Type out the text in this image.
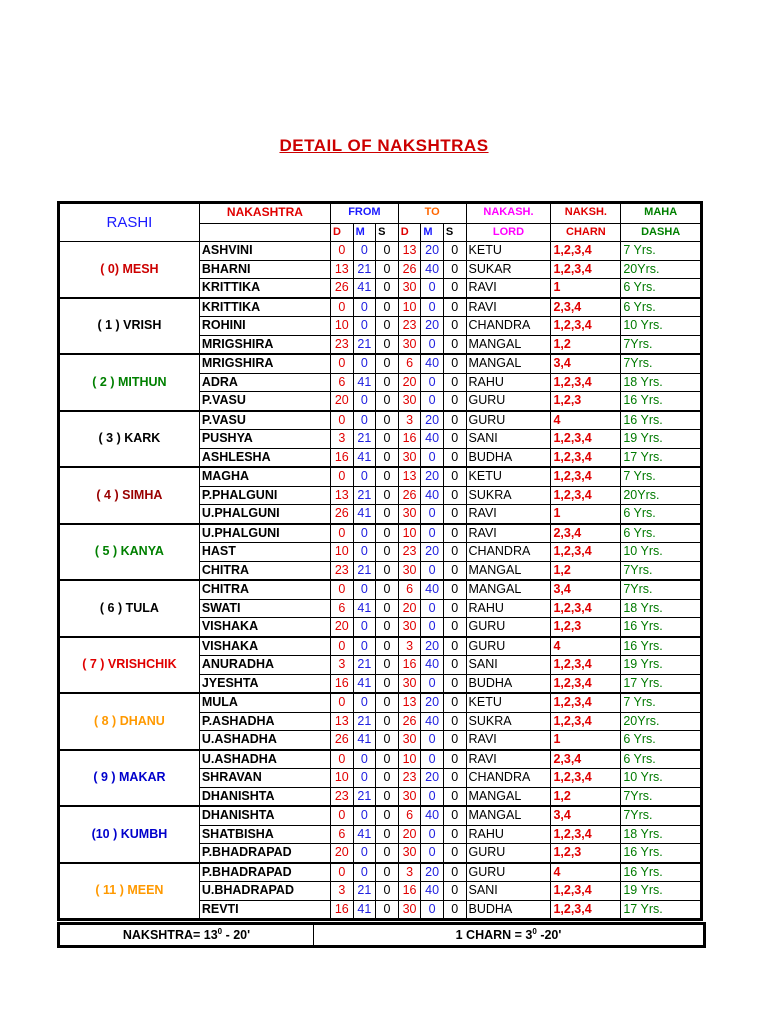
DETAIL OF NAKSHTRAS
RASHI	NAKASHTRA	FROM			TO			NAKASH.	NAKSH.	MAHA
		D	M	S	D	M	S	LORD	CHARN	DASHA
( 0) MESH	ASHVINI	0	0	0	13	20	0	KETU	1,2,3,4	7 Yrs.
	BHARNI	13	21	0	26	40	0	SUKAR	1,2,3,4	20Yrs.
	KRITTIKA	26	41	0	30	0	0	RAVI	1	6 Yrs.
( 1 ) VRISH	KRITTIKA	0	0	0	10	0	0	RAVI	2,3,4	6 Yrs.
	ROHINI	10	0	0	23	20	0	CHANDRA	1,2,3,4	10 Yrs.
	MRIGSHIRA	23	21	0	30	0	0	MANGAL	1,2	7Yrs.
( 2 ) MITHUN	MRIGSHIRA	0	0	0	6	40	0	MANGAL	3,4	7Yrs.
	ADRA	6	41	0	20	0	0	RAHU	1,2,3,4	18 Yrs.
	P.VASU	20	0	0	30	0	0	GURU	1,2,3	16 Yrs.
( 3 ) KARK	P.VASU	0	0	0	3	20	0	GURU	4	16 Yrs.
	PUSHYA	3	21	0	16	40	0	SANI	1,2,3,4	19 Yrs.
	ASHLESHA	16	41	0	30	0	0	BUDHA	1,2,3,4	17 Yrs.
( 4 ) SIMHA	MAGHA	0	0	0	13	20	0	KETU	1,2,3,4	7 Yrs.
	P.PHALGUNI	13	21	0	26	40	0	SUKRA	1,2,3,4	20Yrs.
	U.PHALGUNI	26	41	0	30	0	0	RAVI	1	6 Yrs.
( 5 ) KANYA	U.PHALGUNI	0	0	0	10	0	0	RAVI	2,3,4	6 Yrs.
	HAST	10	0	0	23	20	0	CHANDRA	1,2,3,4	10 Yrs.
	CHITRA	23	21	0	30	0	0	MANGAL	1,2	7Yrs.
( 6 ) TULA	CHITRA	0	0	0	6	40	0	MANGAL	3,4	7Yrs.
	SWATI	6	41	0	20	0	0	RAHU	1,2,3,4	18 Yrs.
	VISHAKA	20	0	0	30	0	0	GURU	1,2,3	16 Yrs.
( 7 ) VRISHCHIK	VISHAKA	0	0	0	3	20	0	GURU	4	16 Yrs.
	ANURADHA	3	21	0	16	40	0	SANI	1,2,3,4	19 Yrs.
	JYESHTA	16	41	0	30	0	0	BUDHA	1,2,3,4	17 Yrs.
( 8 ) DHANU	MULA	0	0	0	13	20	0	KETU	1,2,3,4	7 Yrs.
	P.ASHADHA	13	21	0	26	40	0	SUKRA	1,2,3,4	20Yrs.
	U.ASHADHA	26	41	0	30	0	0	RAVI	1	6 Yrs.
( 9 ) MAKAR	U.ASHADHA	0	0	0	10	0	0	RAVI	2,3,4	6 Yrs.
	SHRAVAN	10	0	0	23	20	0	CHANDRA	1,2,3,4	10 Yrs.
	DHANISHTA	23	21	0	30	0	0	MANGAL	1,2	7Yrs.
(10 ) KUMBH	DHANISHTA	0	0	0	6	40	0	MANGAL	3,4	7Yrs.
	SHATBISHA	6	41	0	20	0	0	RAHU	1,2,3,4	18 Yrs.
	P.BHADRAPAD	20	0	0	30	0	0	GURU	1,2,3	16 Yrs.
( 11 ) MEEN	P.BHADRAPAD	0	0	0	3	20	0	GURU	4	16 Yrs.
	U.BHADRAPAD	3	21	0	16	40	0	SANI	1,2,3,4	19 Yrs.
	REVTI	16	41	0	30	0	0	BUDHA	1,2,3,4	17 Yrs.
NAKSHTRA= $13^0 - 20'$	1 CHARN = $3^0$ -20'
